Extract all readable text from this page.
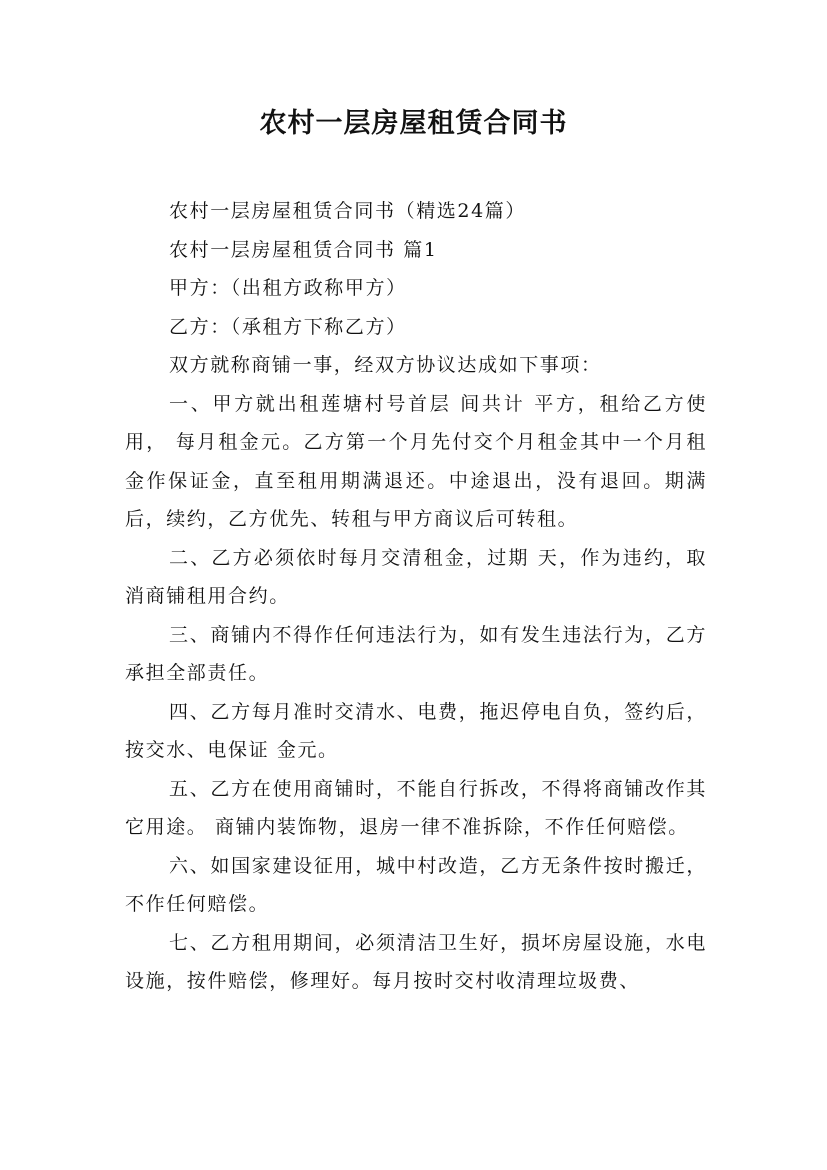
农村一层房屋租赁合同书

农村一层房屋租赁合同书（精选24篇）

农村一层房屋租赁合同书 篇1

甲方：（出租方政称甲方）

乙方：（承租方下称乙方）

双方就称商铺一事，经双方协议达成如下事项：

一、甲方就出租莲塘村号首层 间共计 平方，租给乙方使用， 每月租金元。乙方第一个月先付交个月租金其中一个月租金作保证金，直至租用期满退还。中途退出，没有退回。期满后，续约，乙方优先、转租与甲方商议后可转租。

二、乙方必须依时每月交清租金，过期 天，作为违约，取消商铺租用合约。

三、商铺内不得作任何违法行为，如有发生违法行为，乙方承担全部责任。

四、乙方每月准时交清水、电费，拖迟停电自负，签约后，按交水、电保证 金元。

五、乙方在使用商铺时，不能自行拆改，不得将商铺改作其它用途。 商铺内装饰物，退房一律不准拆除，不作任何赔偿。

六、如国家建设征用，城中村改造，乙方无条件按时搬迁，不作任何赔偿。

七、乙方租用期间，必须清洁卫生好，损坏房屋设施，水电设施，按件赔偿，修理好。每月按时交村收清理垃圾费、
